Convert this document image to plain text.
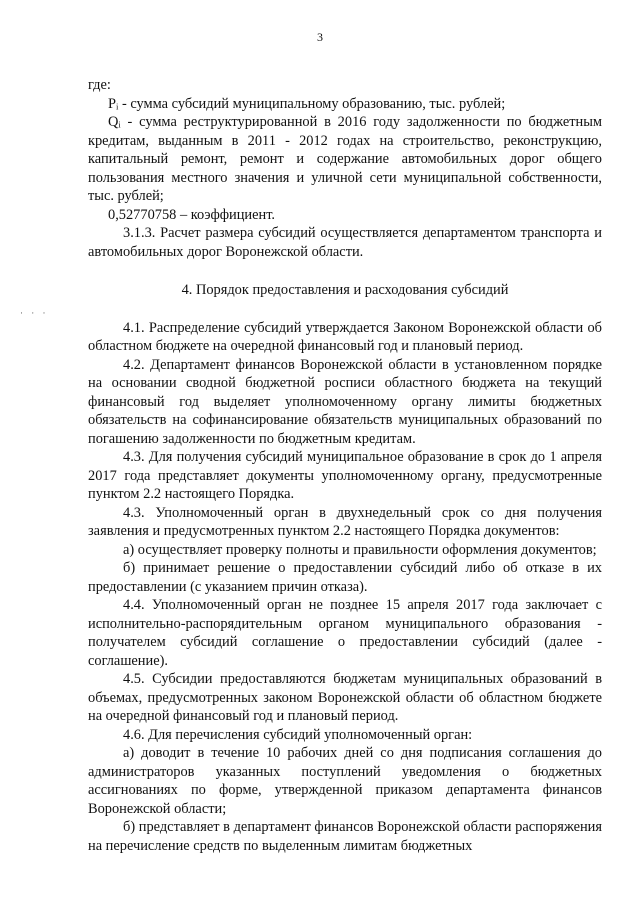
3
· · ·

где:

Pᵢ - сумма субсидий муниципальному образованию, тыс. рублей;

Qᵢ - сумма реструктурированной в 2016 году задолженности по бюджетным кредитам, выданным в 2011 - 2012 годах на строительство, реконструкцию, капитальный ремонт, ремонт и содержание автомобильных дорог общего пользования местного значения и уличной сети муниципальной собственности, тыс. рублей;

0,52770758 – коэффициент.

3.1.3. Расчет размера субсидий осуществляется департаментом транспорта и автомобильных дорог Воронежской области.

4. Порядок предоставления и расходования субсидий

4.1. Распределение субсидий утверждается Законом Воронежской области об областном бюджете на очередной финансовый год и плановый период.

4.2. Департамент финансов Воронежской области в установленном порядке на основании сводной бюджетной росписи областного бюджета на текущий финансовый год выделяет уполномоченному органу лимиты бюджетных обязательств на софинансирование обязательств муниципальных образований по погашению задолженности по бюджетным кредитам.

4.3. Для получения субсидий муниципальное образование в срок до 1 апреля 2017 года представляет документы уполномоченному органу, предусмотренные пунктом 2.2 настоящего Порядка.

4.3. Уполномоченный орган в двухнедельный срок со дня получения заявления и предусмотренных пунктом 2.2 настоящего Порядка документов:

а) осуществляет проверку полноты и правильности оформления документов;

б) принимает решение о предоставлении субсидий либо об отказе в их предоставлении (с указанием причин отказа).

4.4. Уполномоченный орган не позднее 15 апреля 2017 года заключает с исполнительно-распорядительным органом муниципального образования - получателем субсидий соглашение о предоставлении субсидий (далее - соглашение).

4.5. Субсидии предоставляются бюджетам муниципальных образований в объемах, предусмотренных законом Воронежской области об областном бюджете на очередной финансовый год и плановый период.

4.6. Для перечисления субсидий уполномоченный орган:

а) доводит в течение 10 рабочих дней со дня подписания соглашения до администраторов указанных поступлений уведомления о бюджетных ассигнованиях по форме, утвержденной приказом департамента финансов Воронежской области;

б) представляет в департамент финансов Воронежской области распоряжения на перечисление средств по выделенным лимитам бюджетных
